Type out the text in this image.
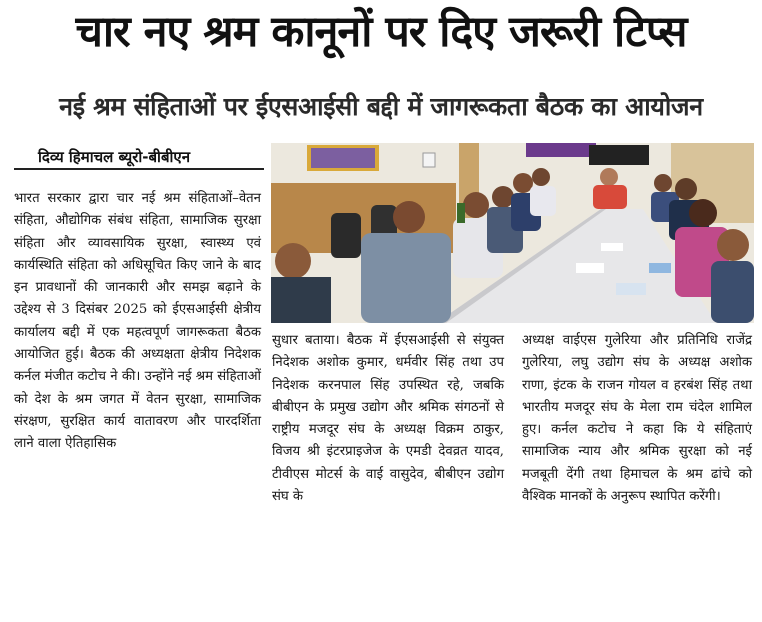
चार नए श्रम कानूनों पर दिए जरूरी टिप्स
नई श्रम संहिताओं पर ईएसआईसी बद्दी में जागरूकता बैठक का आयोजन
दिव्य हिमाचल ब्यूरो-बीबीएन

भारत सरकार द्वारा चार नई श्रम संहिताओं–वेतन संहिता, औद्योगिक संबंध संहिता, सामाजिक सुरक्षा संहिता और व्यावसायिक सुरक्षा, स्वास्थ्य एवं कार्यस्थिति संहिता को अधिसूचित किए जाने के बाद इन प्रावधानों की जानकारी और समझ बढ़ाने के उद्देश्य से 3 दिसंबर 2025 को ईएसआईसी क्षेत्रीय कार्यालय बद्दी में एक महत्वपूर्ण जागरूकता बैठक आयोजित हुई। बैठक की अध्यक्षता क्षेत्रीय निदेशक कर्नल मंजीत कटोच ने की। उन्होंने नई श्रम संहिताओं को देश के श्रम जगत में वेतन सुरक्षा, सामाजिक संरक्षण, सुरक्षित कार्य वातावरण और पारदर्शिता लाने वाला ऐतिहासिक

सुधार बताया। बैठक में ईएसआईसी से संयुक्त निदेशक अशोक कुमार, धर्मवीर सिंह तथा उप निदेशक करनपाल सिंह उपस्थित रहे, जबकि बीबीएन के प्रमुख उद्योग और श्रमिक संगठनों से राष्ट्रीय मजदूर संघ के अध्यक्ष विक्रम ठाकुर, विजय श्री इंटरप्राइजेज के एमडी देवव्रत यादव, टीवीएस मोटर्स के वाई वासुदेव, बीबीएन उद्योग संघ के

अध्यक्ष वाईएस गुलेरिया और प्रतिनिधि राजेंद्र गुलेरिया, लघु उद्योग संघ के अध्यक्ष अशोक राणा, इंटक के राजन गोयल व हरबंश सिंह तथा भारतीय मजदूर संघ के मेला राम चंदेल शामिल हुए। कर्नल कटोच ने कहा कि ये संहिताएं सामाजिक न्याय और श्रमिक सुरक्षा को नई मजबूती देंगी तथा हिमाचल के श्रम ढांचे को वैश्विक मानकों के अनुरूप स्थापित करेंगी।
